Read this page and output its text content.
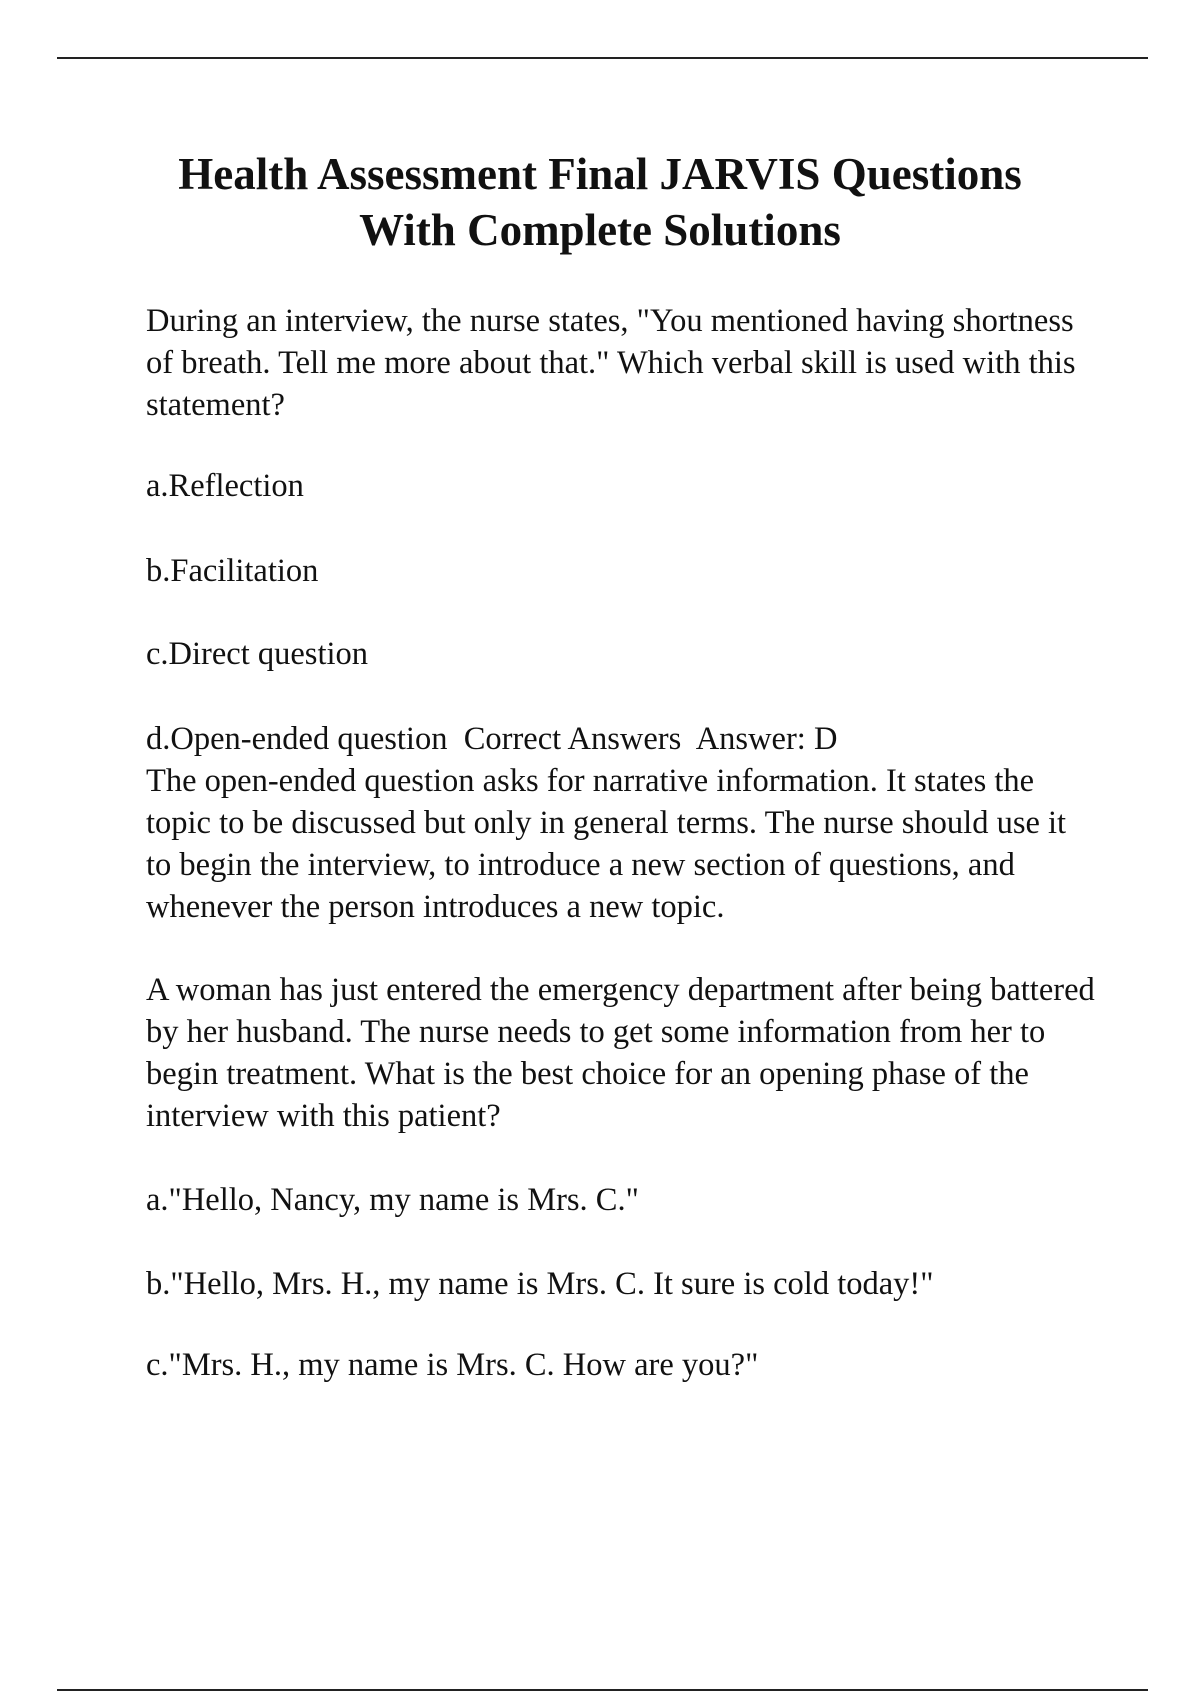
Health Assessment Final JARVIS Questions
With Complete Solutions
During an interview, the nurse states, "You mentioned having shortness of breath. Tell me more about that." Which verbal skill is used with this statement?
a.Reflection
b.Facilitation
c.Direct question
d.Open-ended question Correct Answers Answer: D
The open-ended question asks for narrative information. It states the topic to be discussed but only in general terms. The nurse should use it to begin the interview, to introduce a new section of questions, and whenever the person introduces a new topic.
A woman has just entered the emergency department after being battered by her husband. The nurse needs to get some information from her to begin treatment. What is the best choice for an opening phase of the interview with this patient?
a."Hello, Nancy, my name is Mrs. C."
b."Hello, Mrs. H., my name is Mrs. C. It sure is cold today!"
c."Mrs. H., my name is Mrs. C. How are you?"
